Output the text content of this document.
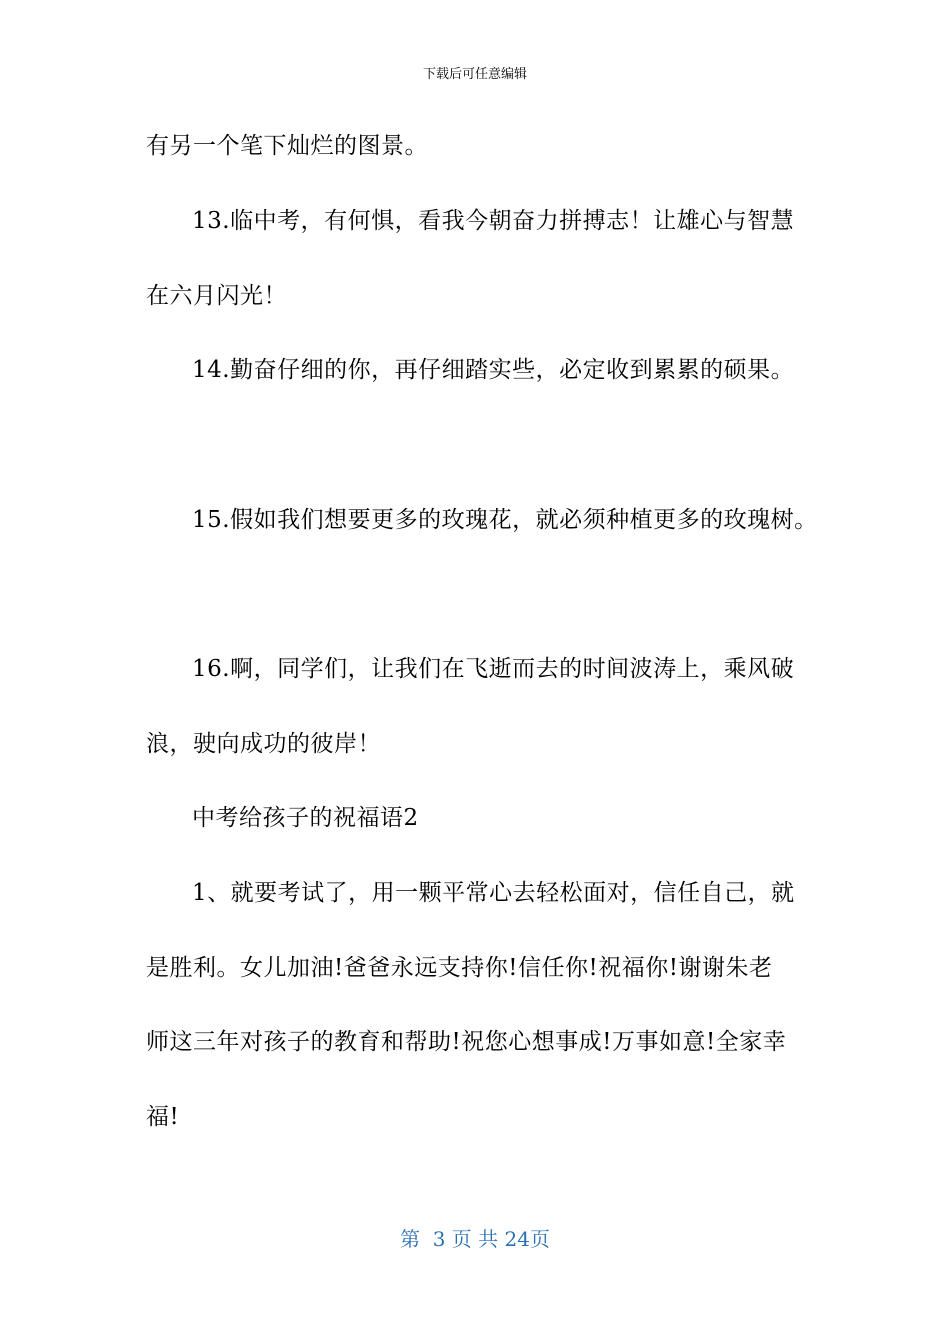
下载后可任意编辑
有另一个笔下灿烂的图景。
13.临中考，有何惧，看我今朝奋力拼搏志！让雄心与智慧
在六月闪光！
14.勤奋仔细的你，再仔细踏实些，必定收到累累的硕果。
15.假如我们想要更多的玫瑰花，就必须种植更多的玫瑰树。
16.啊，同学们，让我们在飞逝而去的时间波涛上，乘风破
浪，驶向成功的彼岸！
中考给孩子的祝福语2
1、就要考试了，用一颗平常心去轻松面对，信任自己，就
是胜利。女儿加油!爸爸永远支持你!信任你!祝福你!谢谢朱老
师这三年对孩子的教育和帮助!祝您心想事成!万事如意!全家幸
福!
第  3 页 共 24页
